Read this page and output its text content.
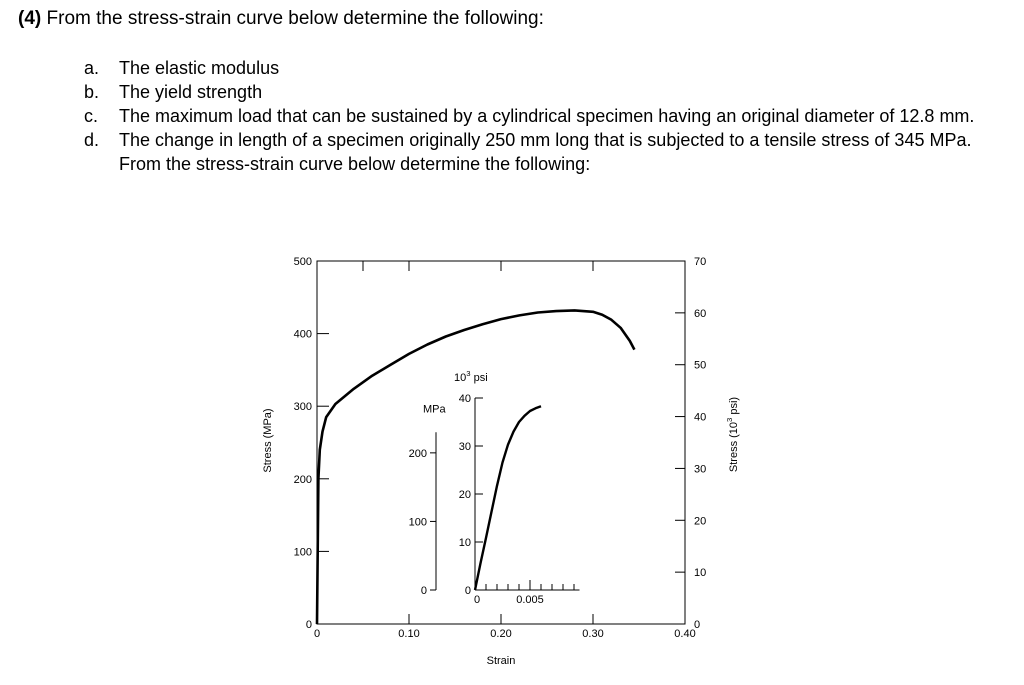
(4) From the stress-strain curve below determine the following:
a.	The elastic modulus
b.	The yield strength
c.	The maximum load that can be sustained by a cylindrical specimen having an original diameter of 12.8 mm.
d.	The change in length of a specimen originally 250 mm long that is subjected to a tensile stress of 345 MPa. From the stress-strain curve below determine the following:
0
100
200
300
400
500
0	0.10	0.20	0.30	0.40
0
10
20
30
40
50
60
70
Strain
Stress (MPa)	Stress ($10^3$ psi)
0
100
200
MPa
0
10
20
30
40
$10^3$ psi
0	0.005
